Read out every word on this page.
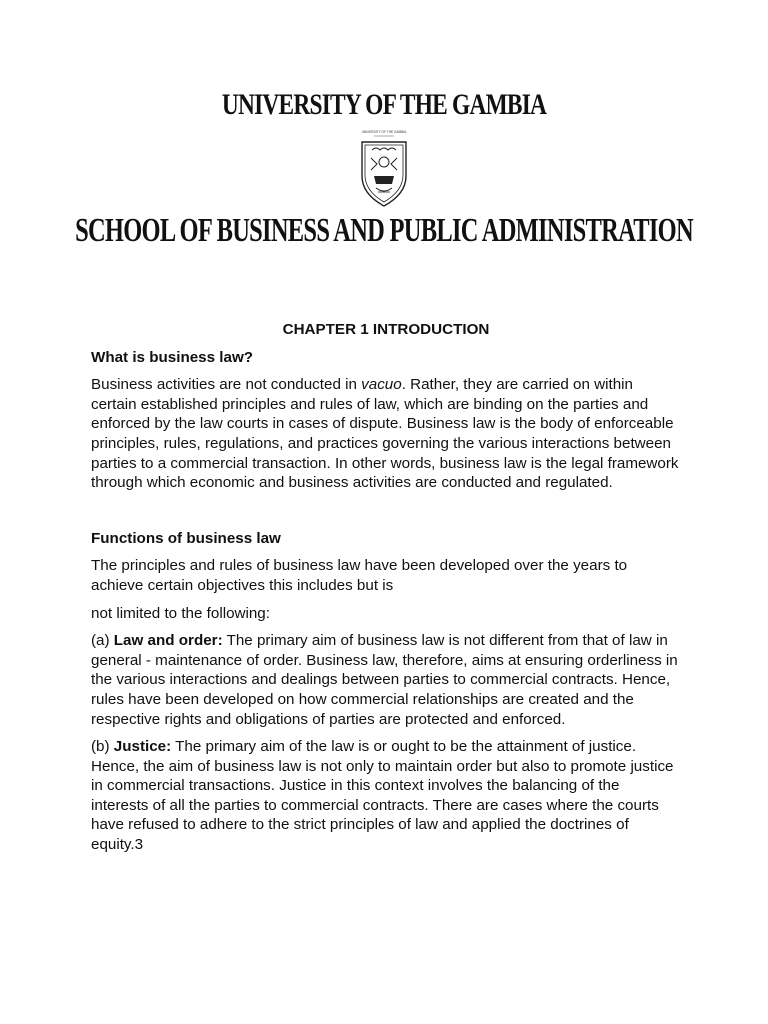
UNIVERSITY OF THE GAMBIA
UNIVERSITY OF THE GAMBIA
SCHOOL OF BUSINESS AND PUBLIC ADMINISTRATION

CHAPTER 1 INTRODUCTION

What is business law?

Business activities are not conducted in vacuo. Rather, they are carried on within certain established principles and rules of law, which are binding on the parties and enforced by the law courts in cases of dispute. Business law is the body of enforceable principles, rules, regulations, and practices governing the various interactions between parties to a commercial transaction. In other words, business law is the legal framework through which economic and business activities are conducted and regulated.

Functions of business law

The principles and rules of business law have been developed over the years to achieve certain objectives this includes but is

not limited to the following:

(a) Law and order: The primary aim of business law is not different from that of law in general - maintenance of order. Business law, therefore, aims at ensuring orderliness in the various interactions and dealings between parties to commercial contracts. Hence, rules have been developed on how commercial relationships are created and the respective rights and obligations of parties are protected and enforced.

(b) Justice: The primary aim of the law is or ought to be the attainment of justice. Hence, the aim of business law is not only to maintain order but also to promote justice in commercial transactions. Justice in this context involves the balancing of the interests of all the parties to commercial contracts. There are cases where the courts have refused to adhere to the strict principles of law and applied the doctrines of equity.3
